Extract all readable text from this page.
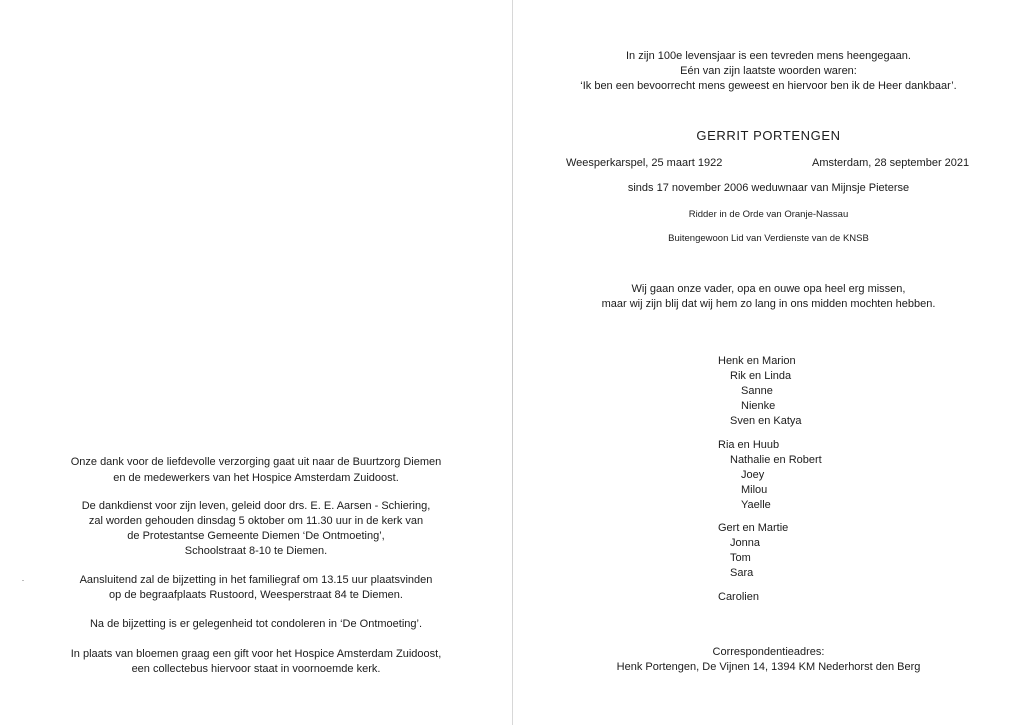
Onze dank voor de liefdevolle verzorging gaat uit naar de Buurtzorg Diemen
en de medewerkers van het Hospice Amsterdam Zuidoost.
De dankdienst voor zijn leven, geleid door drs. E. E. Aarsen - Schiering,
zal worden gehouden dinsdag 5 oktober om 11.30 uur in de kerk van
de Protestantse Gemeente Diemen ‘De Ontmoeting’,
Schoolstraat 8-10 te Diemen.
Aansluitend zal de bijzetting in het familiegraf om 13.15 uur plaatsvinden
op de begraafplaats Rustoord, Weesperstraat 84 te Diemen.
Na de bijzetting is er gelegenheid tot condoleren in ‘De Ontmoeting’.
In plaats van bloemen graag een gift voor het Hospice Amsterdam Zuidoost,
een collectebus hiervoor staat in voornoemde kerk.
In zijn 100e levensjaar is een tevreden mens heengegaan.
Eén van zijn laatste woorden waren:
‘Ik ben een bevoorrecht mens geweest en hiervoor ben ik de Heer dankbaar’.
GERRIT PORTENGEN
Weesperkarspel, 25 maart 1922	Amsterdam, 28 september 2021
sinds 17 november 2006 weduwnaar van Mijnsje Pieterse
Ridder in de Orde van Oranje-Nassau
Buitengewoon Lid van Verdienste van de KNSB
Wij gaan onze vader, opa en ouwe opa heel erg missen,
maar wij zijn blij dat wij hem zo lang in ons midden mochten hebben.
Henk en Marion
Rik en Linda
Sanne
Nienke
Sven en Katya
Ria en Huub
Nathalie en Robert
Joey
Milou
Yaelle
Gert en Martie
Jonna
Tom
Sara
Carolien
Correspondentieadres:
Henk Portengen, De Vijnen 14, 1394 KM Nederhorst den Berg
